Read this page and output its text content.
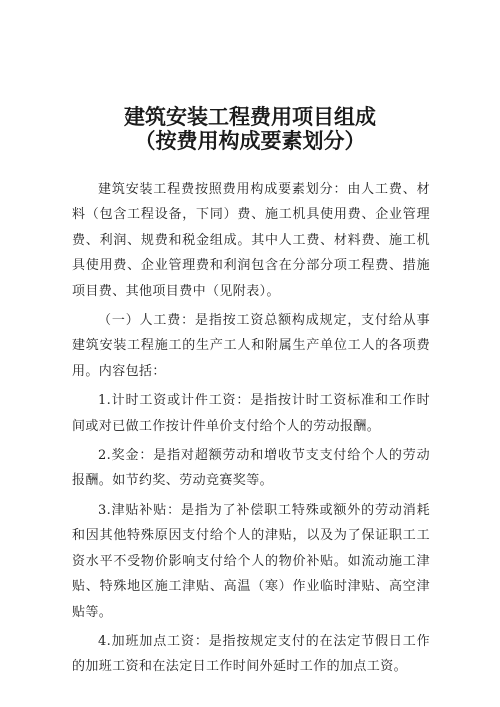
建筑安装工程费用项目组成
（按费用构成要素划分）

建筑安装工程费按照费用构成要素划分：由人工费、材料（包含工程设备，下同）费、施工机具使用费、企业管理费、利润、规费和税金组成。其中人工费、材料费、施工机具使用费、企业管理费和利润包含在分部分项工程费、措施项目费、其他项目费中（见附表）。

（一）人工费：是指按工资总额构成规定，支付给从事建筑安装工程施工的生产工人和附属生产单位工人的各项费用。内容包括：

1.计时工资或计件工资：是指按计时工资标准和工作时间或对已做工作按计件单价支付给个人的劳动报酬。

2.奖金：是指对超额劳动和增收节支支付给个人的劳动报酬。如节约奖、劳动竞赛奖等。

3.津贴补贴：是指为了补偿职工特殊或额外的劳动消耗和因其他特殊原因支付给个人的津贴，以及为了保证职工工资水平不受物价影响支付给个人的物价补贴。如流动施工津贴、特殊地区施工津贴、高温（寒）作业临时津贴、高空津贴等。

4.加班加点工资：是指按规定支付的在法定节假日工作的加班工资和在法定日工作时间外延时工作的加点工资。
